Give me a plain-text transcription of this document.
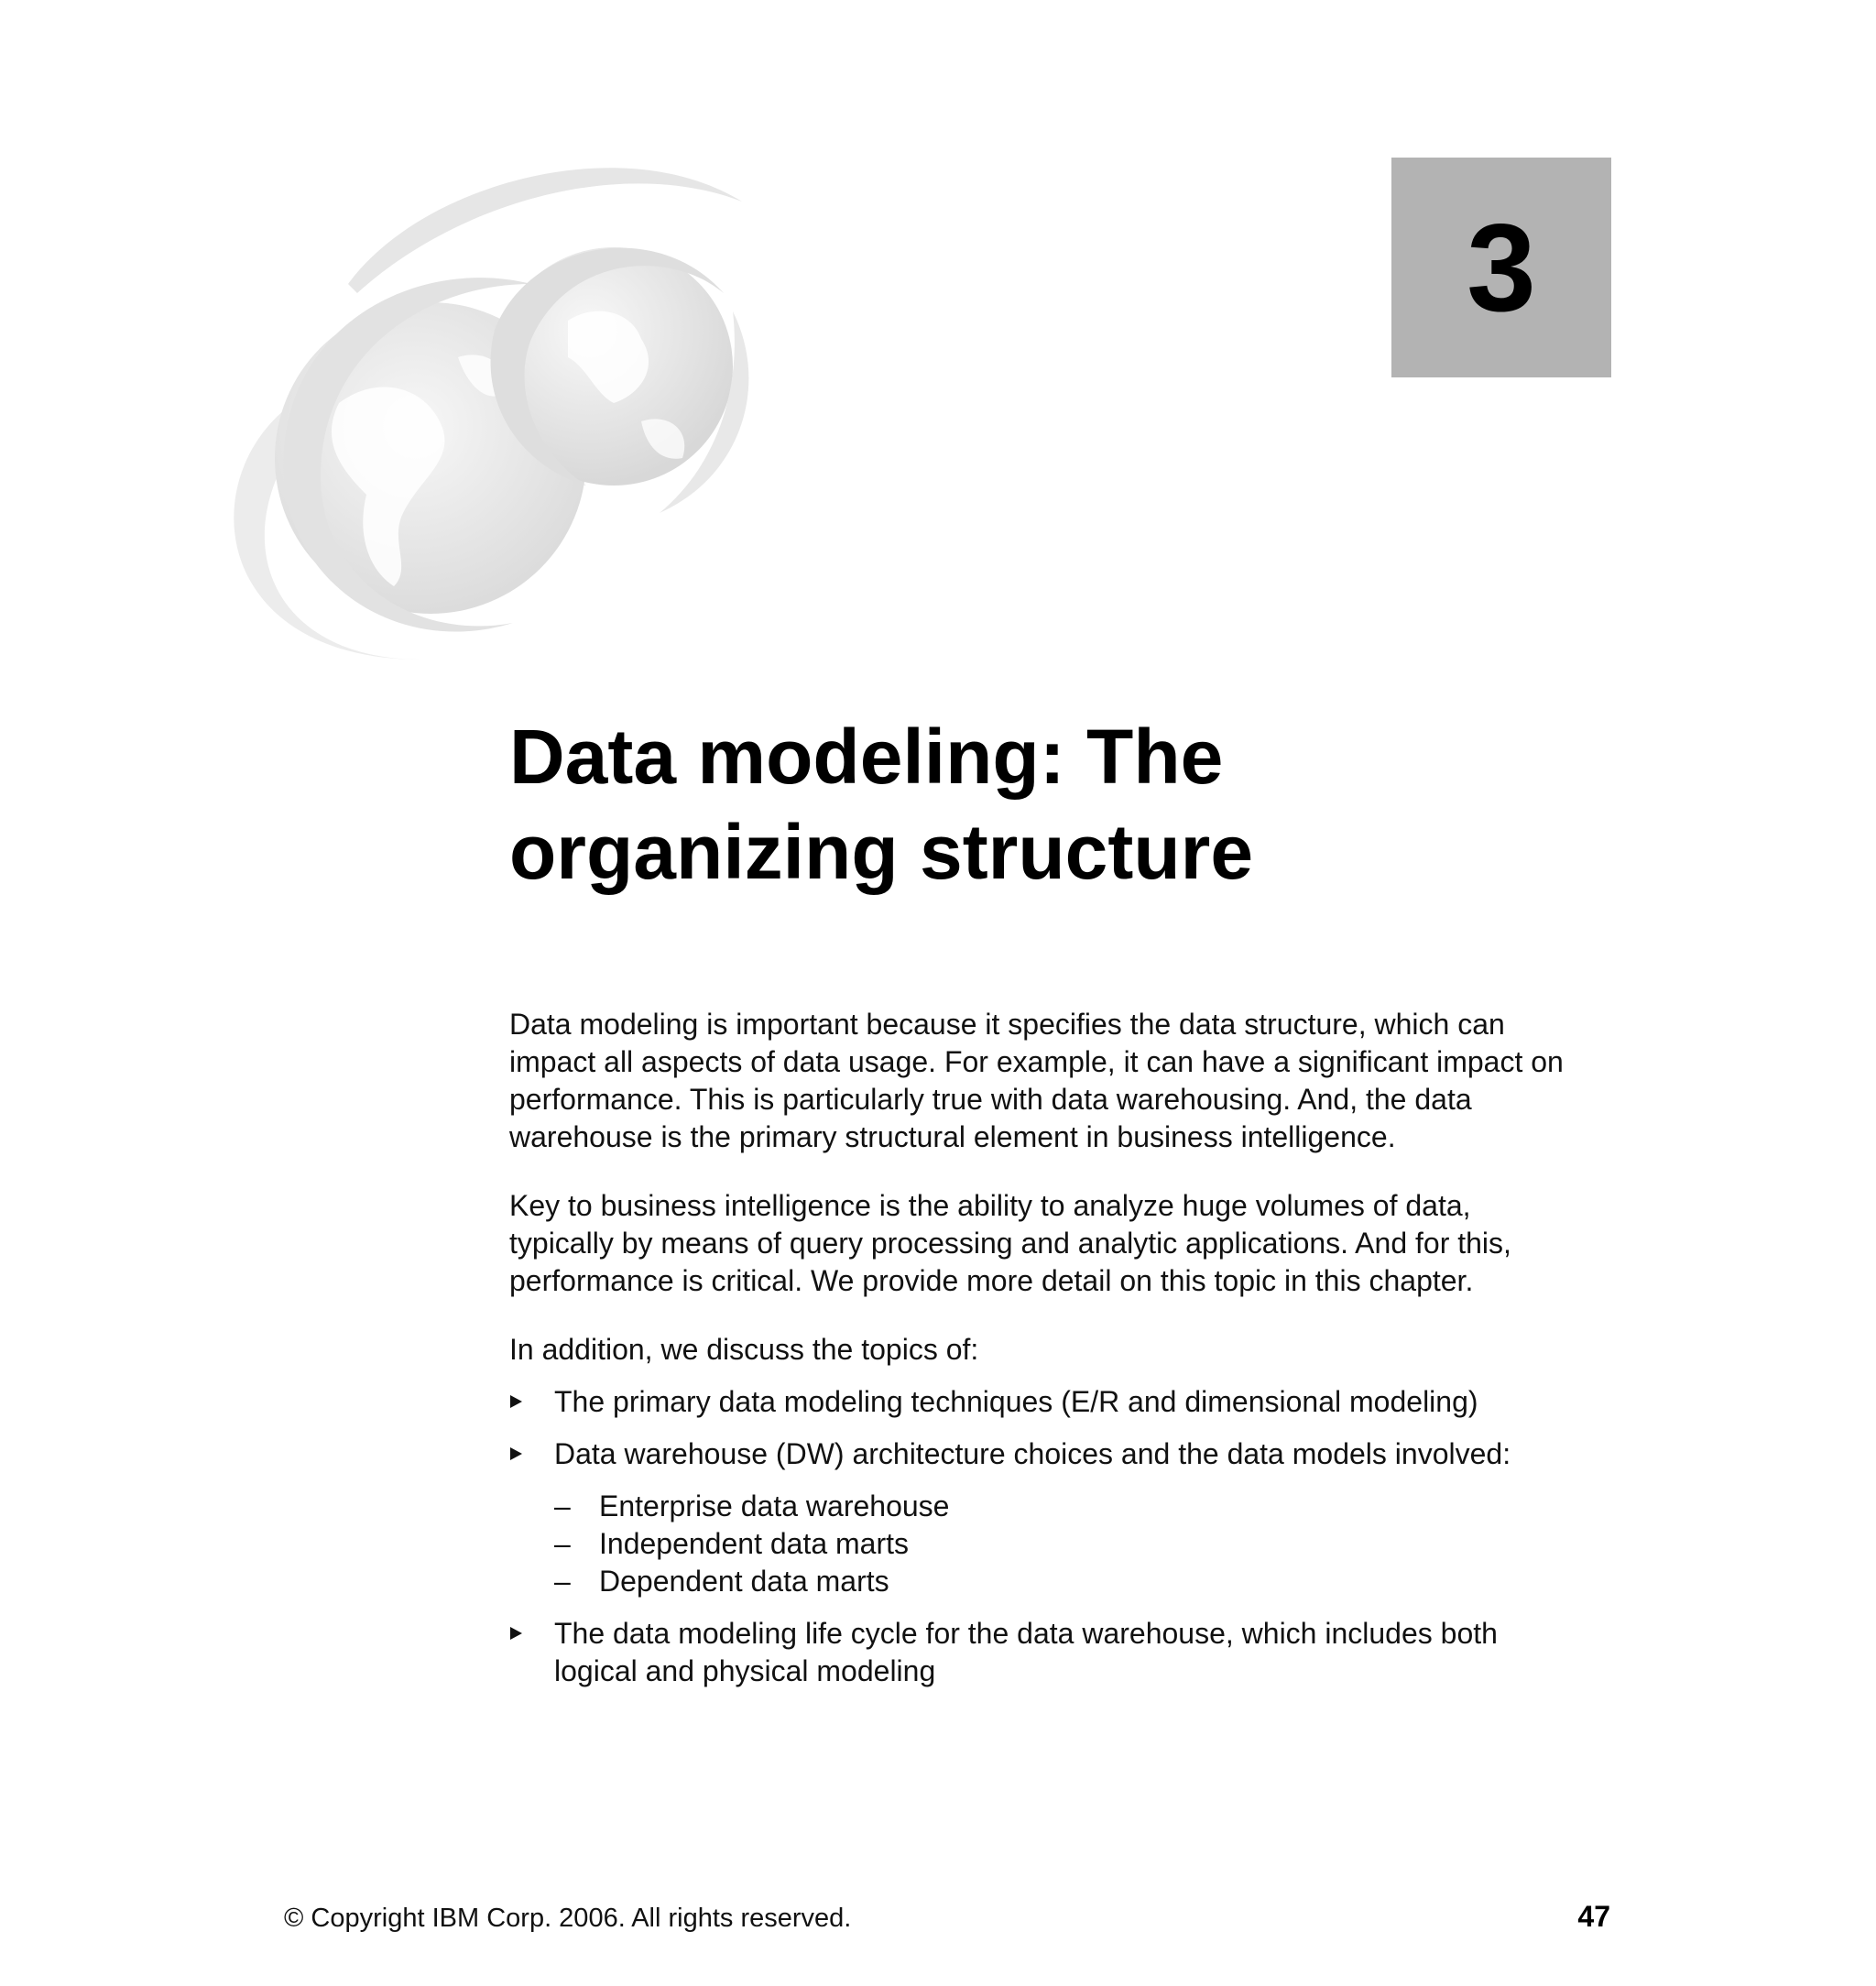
3
Data modeling: The
organizing structure

Data modeling is important because it specifies the data structure, which can
impact all aspects of data usage. For example, it can have a significant impact on
performance. This is particularly true with data warehousing. And, the data
warehouse is the primary structural element in business intelligence.

Key to business intelligence is the ability to analyze huge volumes of data,
typically by means of query processing and analytic applications. And for this,
performance is critical. We provide more detail on this topic in this chapter.

In addition, we discuss the topics of:

The primary data modeling techniques (E/R and dimensional modeling)
Data warehouse (DW) architecture choices and the data models involved:
– Enterprise data warehouse
– Independent data marts
– Dependent data marts
The data modeling life cycle for the data warehouse, which includes both
logical and physical modeling
© Copyright IBM Corp. 2006. All rights reserved.	47
